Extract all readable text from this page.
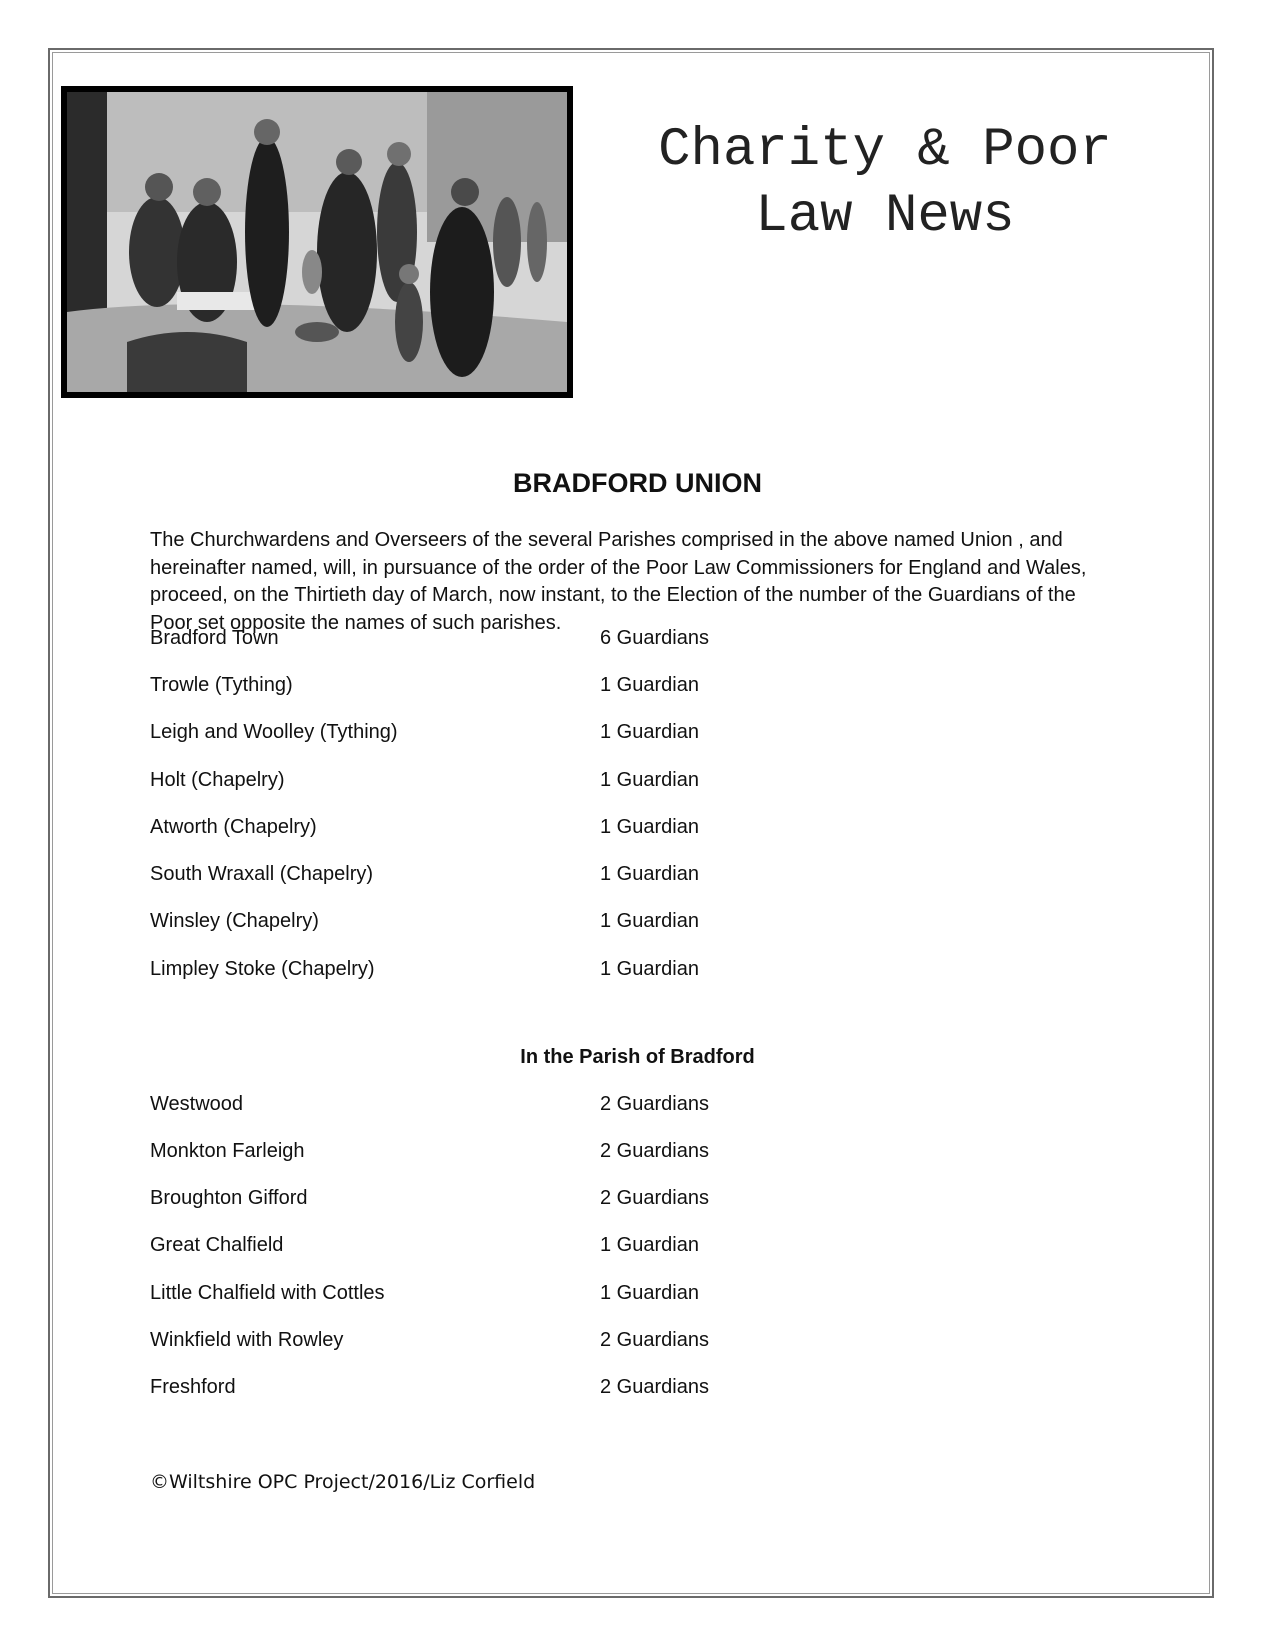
Charity & Poor
Law News
BRADFORD UNION

The Churchwardens and Overseers of the several Parishes comprised in the above named Union , and hereinafter named, will, in pursuance of the order of the Poor Law Commissioners for England and Wales, proceed, on the Thirtieth day of March, now instant, to the Election of the number of the Guardians of the Poor set opposite the names of such parishes.

Bradford Town	6 Guardians
Trowle (Tything)	1 Guardian
Leigh and Woolley (Tything)	1 Guardian
Holt (Chapelry)	1 Guardian
Atworth (Chapelry)	1 Guardian
South Wraxall (Chapelry)	1 Guardian
Winsley (Chapelry)	1 Guardian
Limpley Stoke (Chapelry)	1 Guardian
In the Parish of Bradford
Westwood	2 Guardians
Monkton Farleigh	2 Guardians
Broughton Gifford	2 Guardians
Great Chalfield	1 Guardian
Little Chalfield with Cottles	1 Guardian
Winkfield with Rowley	2 Guardians
Freshford	2 Guardians
©Wiltshire OPC Project/2016/Liz Corfield
